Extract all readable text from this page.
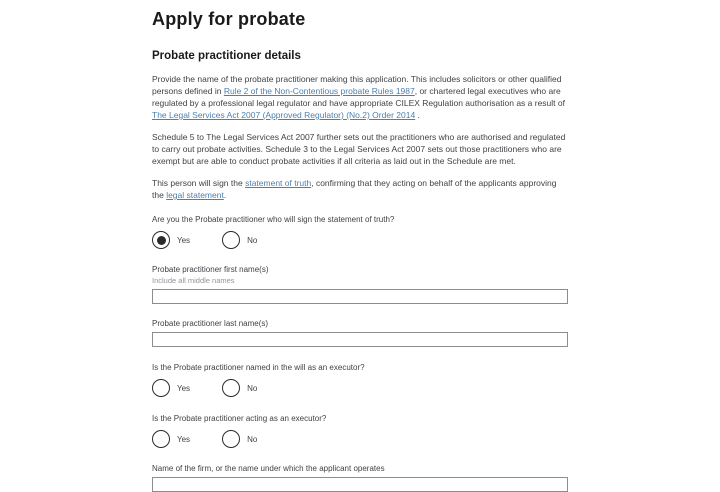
Apply for probate
Probate practitioner details

Provide the name of the probate practitioner making this application. This includes solicitors or other qualified persons defined in Rule 2 of the Non-Contentious probate Rules 1987, or chartered legal executives who are regulated by a professional legal regulator and have appropriate CILEX Regulation authorisation as a result of The Legal Services Act 2007 (Approved Regulator) (No.2) Order 2014 .

Schedule 5 to The Legal Services Act 2007 further sets out the practitioners who are authorised and regulated to carry out probate activities. Schedule 3 to the Legal Services Act 2007 sets out those practitioners who are exempt but are able to conduct probate activities if all criteria as laid out in the Schedule are met.

This person will sign the statement of truth, confirming that they acting on behalf of the applicants approving the legal statement.

Are you the Probate practitioner who will sign the statement of truth?
Yes	No
Probate practitioner first name(s)
Include all middle names
Probate practitioner last name(s)
Is the Probate practitioner named in the will as an executor?
Yes	No
Is the Probate practitioner acting as an executor?
Yes	No
Name of the firm, or the name under which the applicant operates
